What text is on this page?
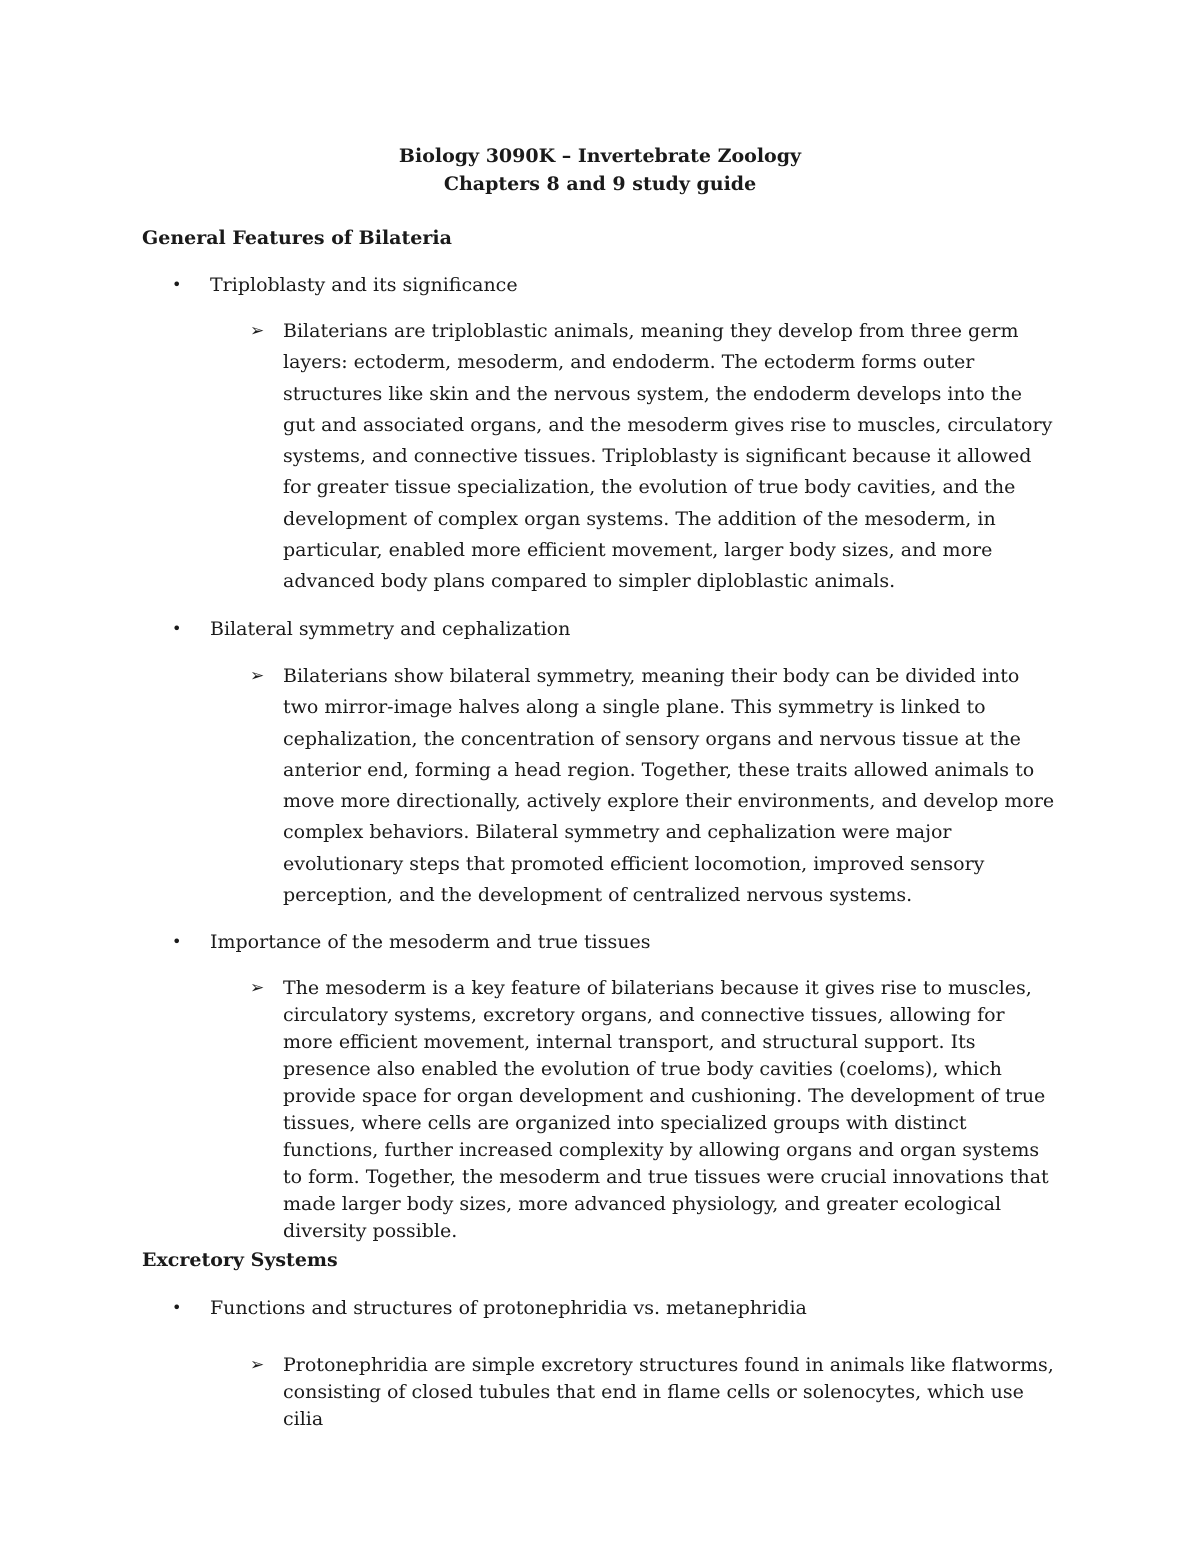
Biology 3090K – Invertebrate Zoology
Chapters 8 and 9 study guide
General Features of Bilateria
• Triploblasty and its significance
➢ Bilaterians are triploblastic animals, meaning they develop from three germ layers: ectoderm, mesoderm, and endoderm. The ectoderm forms outer structures like skin and the nervous system, the endoderm develops into the gut and associated organs, and the mesoderm gives rise to muscles, circulatory systems, and connective tissues. Triploblasty is significant because it allowed for greater tissue specialization, the evolution of true body cavities, and the development of complex organ systems. The addition of the mesoderm, in particular, enabled more efficient movement, larger body sizes, and more advanced body plans compared to simpler diploblastic animals.

• Bilateral symmetry and cephalization
➢ Bilaterians show bilateral symmetry, meaning their body can be divided into two mirror-image halves along a single plane. This symmetry is linked to cephalization, the concentration of sensory organs and nervous tissue at the anterior end, forming a head region. Together, these traits allowed animals to move more directionally, actively explore their environments, and develop more complex behaviors. Bilateral symmetry and cephalization were major evolutionary steps that promoted efficient locomotion, improved sensory perception, and the development of centralized nervous systems.

• Importance of the mesoderm and true tissues
➢ The mesoderm is a key feature of bilaterians because it gives rise to muscles, circulatory systems, excretory organs, and connective tissues, allowing for more efficient movement, internal transport, and structural support. Its presence also enabled the evolution of true body cavities (coeloms), which provide space for organ development and cushioning. The development of true tissues, where cells are organized into specialized groups with distinct functions, further increased complexity by allowing organs and organ systems to form. Together, the mesoderm and true tissues were crucial innovations that made larger body sizes, more advanced physiology, and greater ecological diversity possible.

Excretory Systems
• Functions and structures of protonephridia vs. metanephridia
➢ Protonephridia are simple excretory structures found in animals like flatworms, consisting of closed tubules that end in flame cells or solenocytes, which use cilia
